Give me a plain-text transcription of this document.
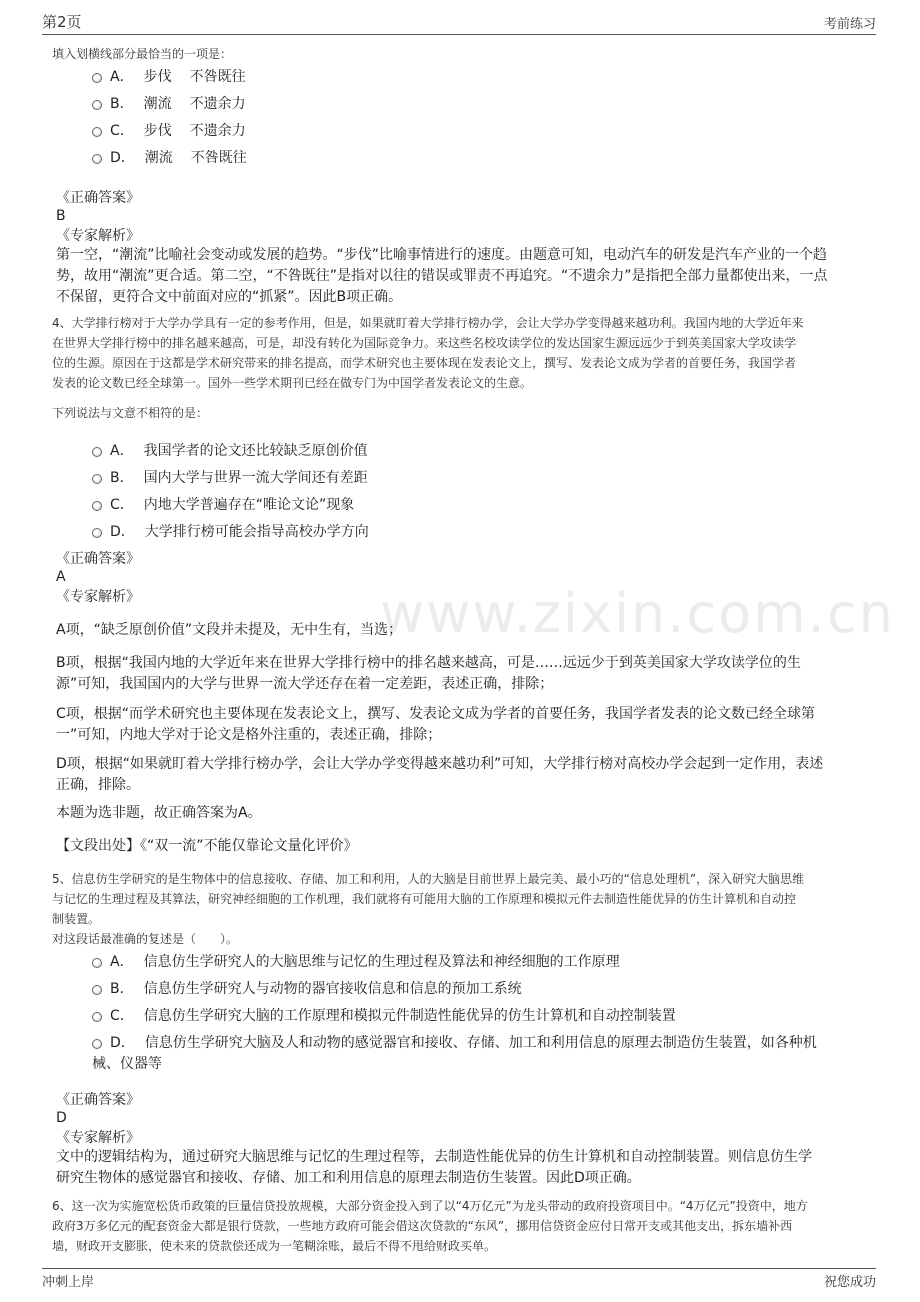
第2页	考前练习
www.zixin.com.cn
填入划横线部分最恰当的一项是：
A． 步伐 不咎既往
B． 潮流 不遗余力
C． 步伐 不遗余力
D． 潮流 不咎既往
《正确答案》
B
《专家解析》
第一空，“潮流”比喻社会变动或发展的趋势。“步伐”比喻事情进行的速度。由题意可知，电动汽车的研发是汽车产业的一个趋
势，故用“潮流”更合适。第二空，“不咎既往”是指对以往的错误或罪责不再追究。“不遗余力”是指把全部力量都使出来，一点
不保留，更符合文中前面对应的“抓紧”。因此B项正确。
4、大学排行榜对于大学办学具有一定的参考作用，但是，如果就盯着大学排行榜办学，会让大学办学变得越来越功利。我国内地的大学近年来
在世界大学排行榜中的排名越来越高，可是，却没有转化为国际竞争力。来这些名校攻读学位的发达国家生源远远少于到英美国家大学攻读学
位的生源。原因在于这都是学术研究带来的排名提高，而学术研究也主要体现在发表论文上，撰写、发表论文成为学者的首要任务，我国学者
发表的论文数已经全球第一。国外一些学术期刊已经在做专门为中国学者发表论文的生意。
下列说法与文意不相符的是：
A． 我国学者的论文还比较缺乏原创价值
B． 国内大学与世界一流大学间还有差距
C． 内地大学普遍存在“唯论文论”现象
D． 大学排行榜可能会指导高校办学方向
《正确答案》
A
《专家解析》
A项，“缺乏原创价值”文段并未提及，无中生有，当选；
B项，根据“我国内地的大学近年来在世界大学排行榜中的排名越来越高，可是……远远少于到英美国家大学攻读学位的生
源”可知，我国国内的大学与世界一流大学还存在着一定差距，表述正确，排除；
C项，根据“而学术研究也主要体现在发表论文上，撰写、发表论文成为学者的首要任务，我国学者发表的论文数已经全球第
一”可知，内地大学对于论文是格外注重的，表述正确，排除；
D项，根据“如果就盯着大学排行榜办学，会让大学办学变得越来越功利”可知，大学排行榜对高校办学会起到一定作用，表述
正确，排除。
本题为选非题，故正确答案为A。
【文段出处】《“双一流”不能仅靠论文量化评价》
5、信息仿生学研究的是生物体中的信息接收、存储、加工和利用，人的大脑是目前世界上最完美、最小巧的“信息处理机”，深入研究大脑思维
与记忆的生理过程及其算法，研究神经细胞的工作机理，我们就将有可能用大脑的工作原理和模拟元件去制造性能优异的仿生计算机和自动控
制装置。
对这段话最准确的复述是（　　）。
A． 信息仿生学研究人的大脑思维与记忆的生理过程及算法和神经细胞的工作原理
B． 信息仿生学研究人与动物的器官接收信息和信息的预加工系统
C． 信息仿生学研究大脑的工作原理和模拟元件制造性能优异的仿生计算机和自动控制装置
D． 信息仿生学研究大脑及人和动物的感觉器官和接收、存储、加工和利用信息的原理去制造仿生装置，如各种机
械、仪器等
《正确答案》
D
《专家解析》
文中的逻辑结构为，通过研究大脑思维与记忆的生理过程等，去制造性能优异的仿生计算机和自动控制装置。则信息仿生学
研究生物体的感觉器官和接收、存储、加工和利用信息的原理去制造仿生装置。因此D项正确。
6、这一次为实施宽松货币政策的巨量信贷投放规模，大部分资金投入到了以“4万亿元”为龙头带动的政府投资项目中。“4万亿元”投资中，地方
政府3万多亿元的配套资金大都是银行贷款，一些地方政府可能会借这次贷款的“东风”，挪用信贷资金应付日常开支或其他支出，拆东墙补西
墙，财政开支膨胀，使未来的贷款偿还成为一笔糊涂账，最后不得不甩给财政买单。
冲刺上岸	祝您成功
